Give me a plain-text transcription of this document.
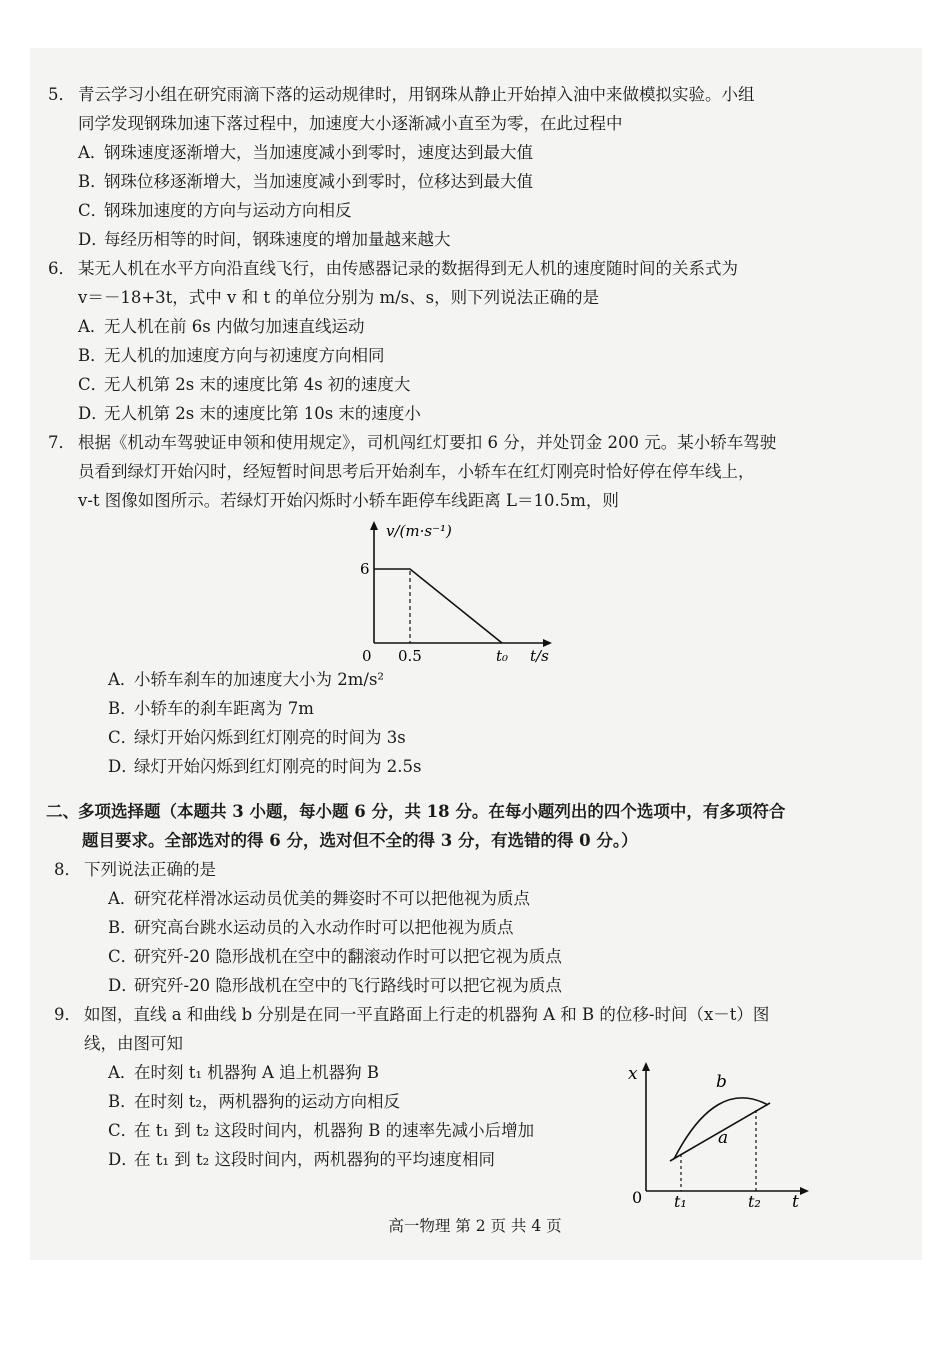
5． 青云学习小组在研究雨滴下落的运动规律时，用钢珠从静止开始掉入油中来做模拟实验。小组
同学发现钢珠加速下落过程中，加速度大小逐渐减小直至为零，在此过程中
A．钢珠速度逐渐增大，当加速度减小到零时，速度达到最大值
B．钢珠位移逐渐增大，当加速度减小到零时，位移达到最大值
C．钢珠加速度的方向与运动方向相反
D．每经历相等的时间，钢珠速度的增加量越来越大
6． 某无人机在水平方向沿直线飞行，由传感器记录的数据得到无人机的速度随时间的关系式为
v＝－18+3t，式中 v 和 t 的单位分别为 m/s、s，则下列说法正确的是
A．无人机在前 6s 内做匀加速直线运动
B．无人机的加速度方向与初速度方向相同
C．无人机第 2s 末的速度比第 4s 初的速度大
D．无人机第 2s 末的速度比第 10s 末的速度小
7． 根据《机动车驾驶证申领和使用规定》，司机闯红灯要扣 6 分，并处罚金 200 元。某小轿车驾驶
员看到绿灯开始闪时，经短暂时间思考后开始刹车，小轿车在红灯刚亮时恰好停在停车线上，
v-t 图像如图所示。若绿灯开始闪烁时小轿车距停车线距离 L＝10.5m，则
v/(m·s⁻¹)
6
0 0.5	t₀ t/s
A．小轿车刹车的加速度大小为 2m/s²
B．小轿车的刹车距离为 7m
C．绿灯开始闪烁到红灯刚亮的时间为 3s
D．绿灯开始闪烁到红灯刚亮的时间为 2.5s
二、多项选择题（本题共 3 小题，每小题 6 分，共 18 分。在每小题列出的四个选项中，有多项符合
题目要求。全部选对的得 6 分，选对但不全的得 3 分，有选错的得 0 分。）
8． 下列说法正确的是
A．研究花样滑冰运动员优美的舞姿时不可以把他视为质点
B．研究高台跳水运动员的入水动作时可以把他视为质点
C．研究歼-20 隐形战机在空中的翻滚动作时可以把它视为质点
D．研究歼-20 隐形战机在空中的飞行路线时可以把它视为质点
9． 如图，直线 a 和曲线 b 分别是在同一平直路面上行走的机器狗 A 和 B 的位移-时间（x－t）图
线，由图可知
A．在时刻 t₁ 机器狗 A 追上机器狗 B
B．在时刻 t₂，两机器狗的运动方向相反
C．在 t₁ 到 t₂ 这段时间内，机器狗 B 的速率先减小后增加
D．在 t₁ 到 t₂ 这段时间内，两机器狗的平均速度相同
x
0
b
a
t₁	t₂ t
高一物理 第 2 页 共 4 页
